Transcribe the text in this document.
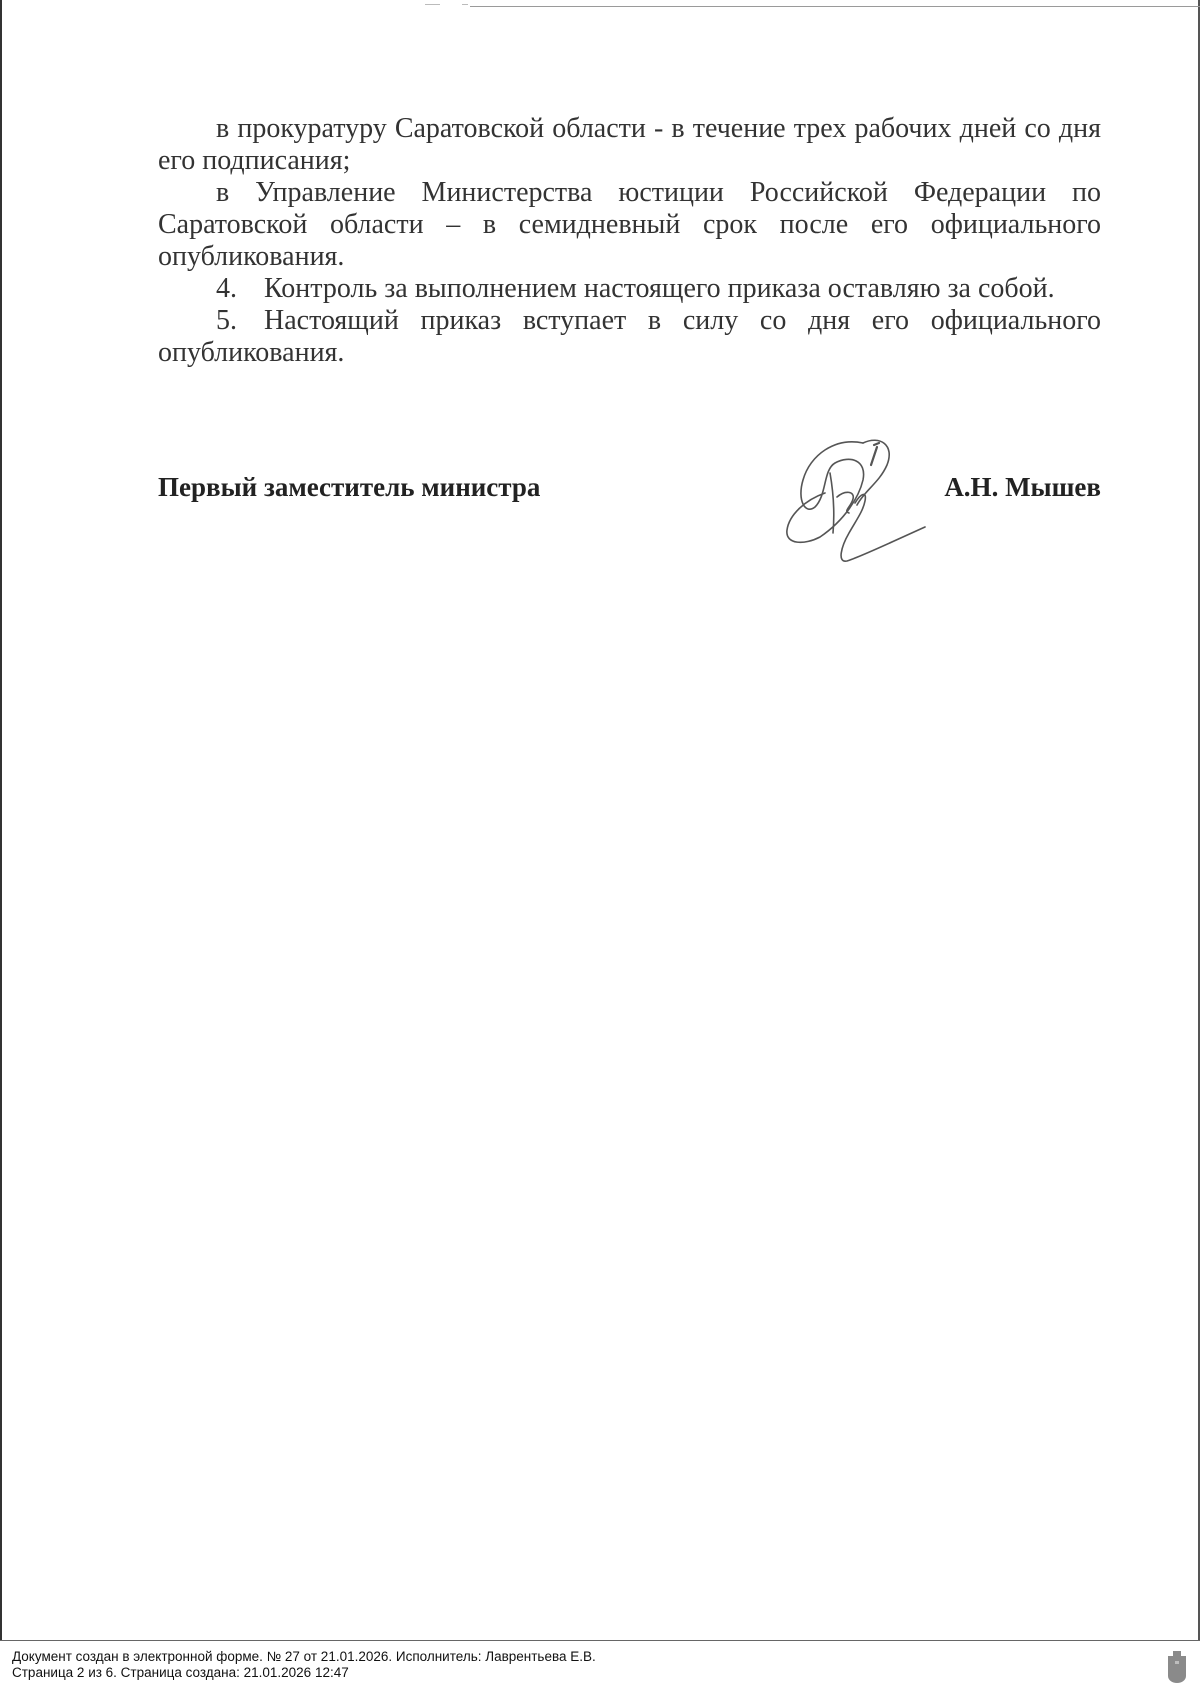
в прокуратуру Саратовской области - в течение трех рабочих дней со дня его подписания;

в Управление Министерства юстиции Российской Федерации по Саратовской области – в семидневный срок после его официального опубликования.

4. Контроль за выполнением настоящего приказа оставляю за собой.

5. Настоящий приказ вступает в силу со дня его официального опубликования.

Первый заместитель министра	А.Н. Мышев
Документ создан в электронной форме. № 27 от 21.01.2026. Исполнитель: Лаврентьева Е.В.
Страница 2 из 6. Страница создана: 21.01.2026 12:47
